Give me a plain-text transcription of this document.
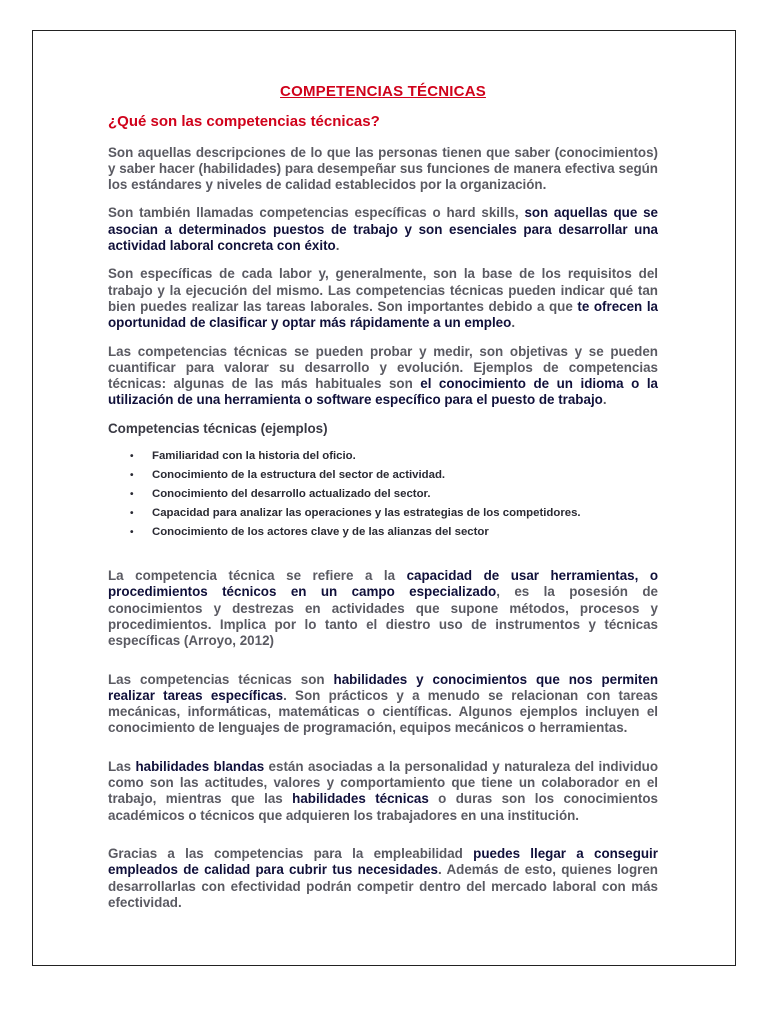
COMPETENCIAS TÉCNICAS
¿Qué son las competencias técnicas?

Son aquellas descripciones de lo que las personas tienen que saber (conocimientos) y saber hacer (habilidades) para desempeñar sus funciones de manera efectiva según los estándares y niveles de calidad establecidos por la organización.

Son también llamadas competencias específicas o hard skills, son aquellas que se asocian a determinados puestos de trabajo y son esenciales para desarrollar una actividad laboral concreta con éxito.

Son específicas de cada labor y, generalmente, son la base de los requisitos del trabajo y la ejecución del mismo. Las competencias técnicas pueden indicar qué tan bien puedes realizar las tareas laborales. Son importantes debido a que te ofrecen la oportunidad de clasificar y optar más rápidamente a un empleo.

Las competencias técnicas se pueden probar y medir, son objetivas y se pueden cuantificar para valorar su desarrollo y evolución. Ejemplos de competencias técnicas: algunas de las más habituales son el conocimiento de un idioma o la utilización de una herramienta o software específico para el puesto de trabajo.

Competencias técnicas (ejemplos)
• Familiaridad con la historia del oficio.
• Conocimiento de la estructura del sector de actividad.
• Conocimiento del desarrollo actualizado del sector.
• Capacidad para analizar las operaciones y las estrategias de los competidores.
• Conocimiento de los actores clave y de las alianzas del sector

La competencia técnica se refiere a la capacidad de usar herramientas, o procedimientos técnicos en un campo especializado, es la posesión de conocimientos y destrezas en actividades que supone métodos, procesos y procedimientos. Implica por lo tanto el diestro uso de instrumentos y técnicas específicas (Arroyo, 2012)

Las competencias técnicas son habilidades y conocimientos que nos permiten realizar tareas específicas. Son prácticos y a menudo se relacionan con tareas mecánicas, informáticas, matemáticas o científicas. Algunos ejemplos incluyen el conocimiento de lenguajes de programación, equipos mecánicos o herramientas.

Las habilidades blandas están asociadas a la personalidad y naturaleza del individuo como son las actitudes, valores y comportamiento que tiene un colaborador en el trabajo, mientras que las habilidades técnicas o duras son los conocimientos académicos o técnicos que adquieren los trabajadores en una institución.

Gracias a las competencias para la empleabilidad puedes llegar a conseguir empleados de calidad para cubrir tus necesidades. Además de esto, quienes logren desarrollarlas con efectividad podrán competir dentro del mercado laboral con más efectividad.
